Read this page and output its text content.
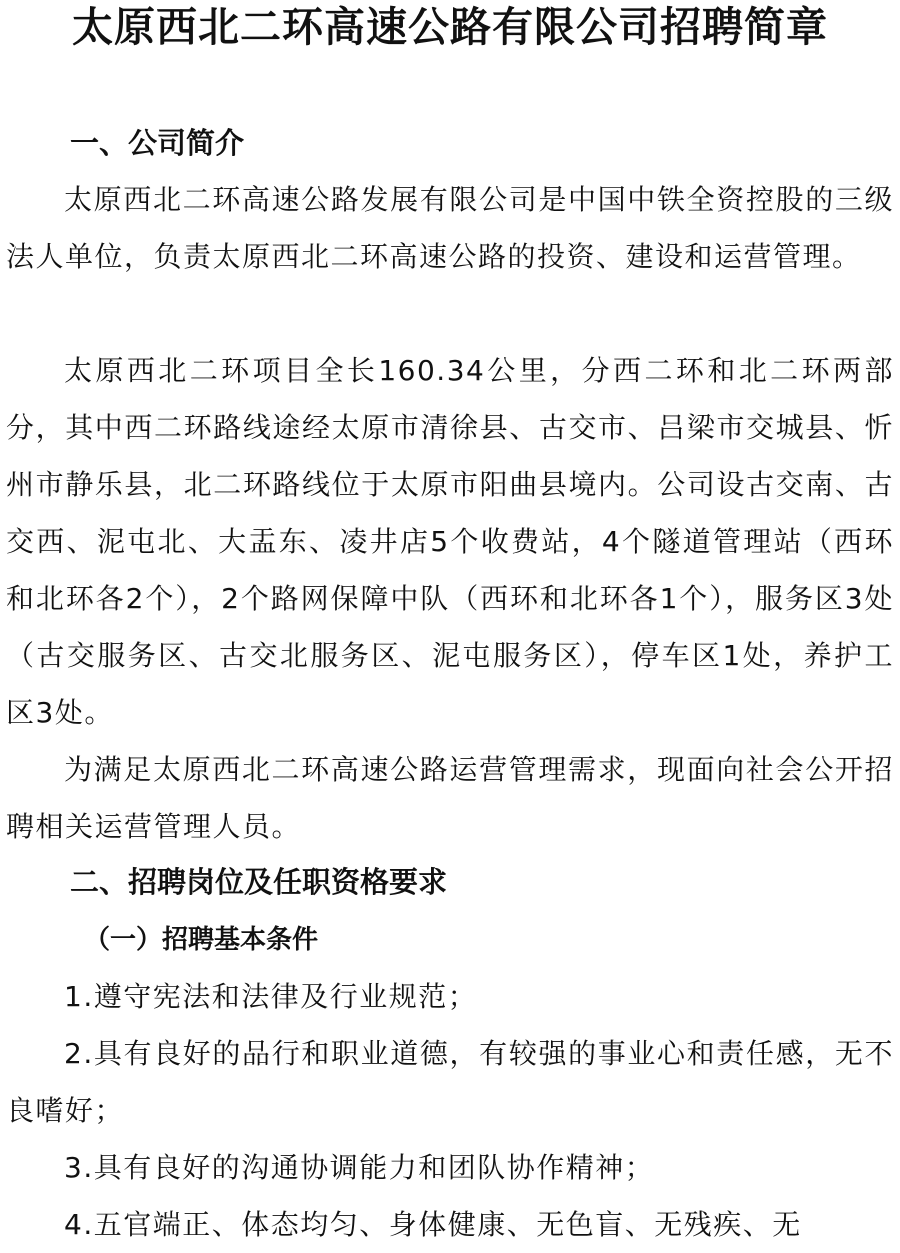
太原西北二环高速公路有限公司招聘简章
一、公司简介

太原西北二环高速公路发展有限公司是中国中铁全资控股的三级法人单位，负责太原西北二环高速公路的投资、建设和运营管理。

太原西北二环项目全长160.34公里，分西二环和北二环两部分，其中西二环路线途经太原市清徐县、古交市、吕梁市交城县、忻州市静乐县，北二环路线位于太原市阳曲县境内。公司设古交南、古交西、泥屯北、大盂东、凌井店5个收费站，4个隧道管理站（西环和北环各2个），2个路网保障中队（西环和北环各1个），服务区3处（古交服务区、古交北服务区、泥屯服务区），停车区1处，养护工区3处。

为满足太原西北二环高速公路运营管理需求，现面向社会公开招聘相关运营管理人员。

二、招聘岗位及任职资格要求
（一）招聘基本条件

1.遵守宪法和法律及行业规范；

2.具有良好的品行和职业道德，有较强的事业心和责任感，无不良嗜好；

3.具有良好的沟通协调能力和团队协作精神；

4.五官端正、体态均匀、身体健康、无色盲、无残疾、无
